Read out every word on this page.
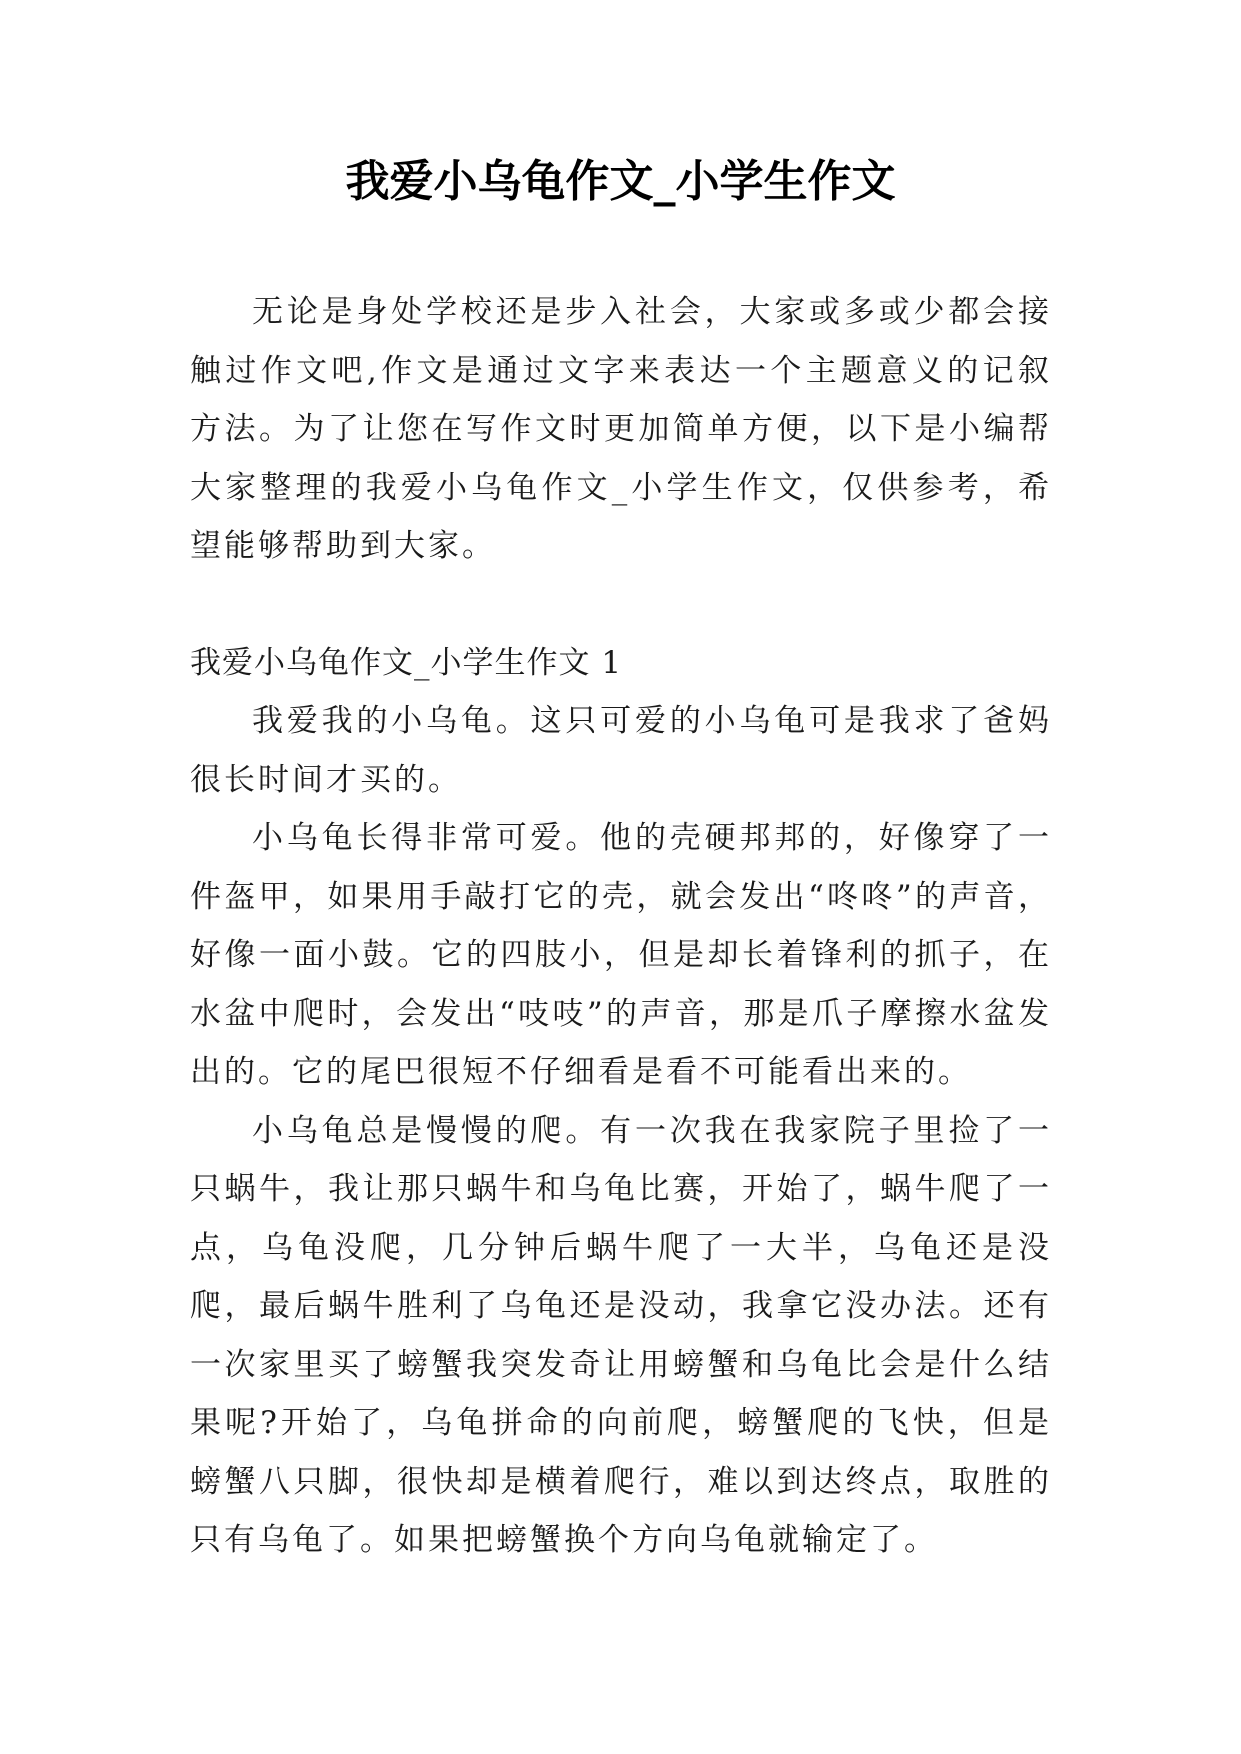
我爱小乌龟作文_小学生作文

无论是身处学校还是步入社会，大家或多或少都会接触过作文吧,作文是通过文字来表达一个主题意义的记叙方法。为了让您在写作文时更加简单方便，以下是小编帮大家整理的我爱小乌龟作文_小学生作文，仅供参考，希望能够帮助到大家。

我爱小乌龟作文_小学生作文 1

我爱我的小乌龟。这只可爱的小乌龟可是我求了爸妈很长时间才买的。

小乌龟长得非常可爱。他的壳硬邦邦的，好像穿了一件盔甲，如果用手敲打它的壳，就会发出“咚咚”的声音，好像一面小鼓。它的四肢小，但是却长着锋利的抓子，在水盆中爬时，会发出“吱吱”的声音，那是爪子摩擦水盆发出的。它的尾巴很短不仔细看是看不可能看出来的。

小乌龟总是慢慢的爬。有一次我在我家院子里捡了一只蜗牛，我让那只蜗牛和乌龟比赛，开始了，蜗牛爬了一点，乌龟没爬，几分钟后蜗牛爬了一大半，乌龟还是没爬，最后蜗牛胜利了乌龟还是没动，我拿它没办法。还有一次家里买了螃蟹我突发奇让用螃蟹和乌龟比会是什么结果呢?开始了，乌龟拼命的向前爬，螃蟹爬的飞快，但是螃蟹八只脚，很快却是横着爬行，难以到达终点，取胜的只有乌龟了。如果把螃蟹换个方向乌龟就输定了。
